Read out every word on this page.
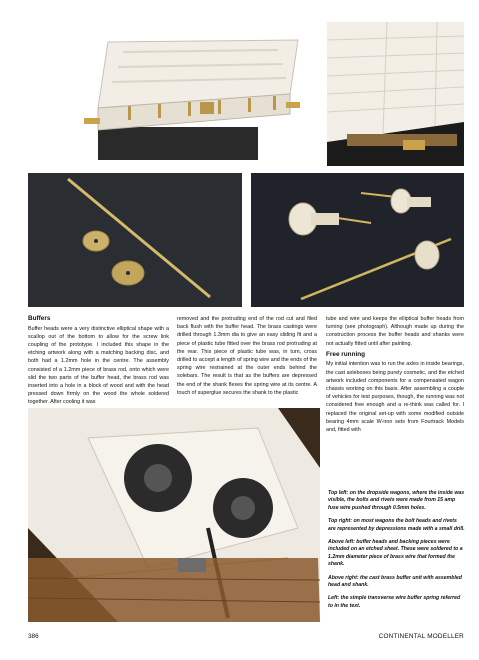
Buffers

Buffer heads were a very distinctive elliptical shape with a scallop out of the bottom to allow for the screw link coupling of the prototype. I included this shape in the etching artwork along with a matching backing disc, and both had a 1.2mm hole in the centre. The assembly consisted of a 1.2mm piece of brass rod, onto which were slid the two parts of the buffer head, the brass rod was inserted into a hole in a block of wood and with the head pressed down firmly on the wood the whole soldered together. After cooling it was

removed and the protruding end of the rod cut and filed back flush with the buffer head. The brass castings were drilled through 1.3mm dia to give an easy sliding fit and a piece of plastic tube fitted over the brass rod protruding at the rear. This piece of plastic tube was, in turn, cross drilled to accept a length of spring wire and the ends of the spring wire restrained at the outer ends behind the solebars. The result is that as the buffers are depressed the end of the shank flexes the spring wire at its centre. A touch of superglue secures the shank to the plastic

tube and wire and keeps the elliptical buffer heads from turning (see photograph). Although made up during the construction process the buffer heads and shanks were not actually fitted until after painting.

Free running

My initial intention was to run the axles in inside bearings, the cast axleboxes being purely cosmetic, and the etched artwork included components for a compensated wagon chassis working on this basis. After assembling a couple of vehicles for test purposes, though, the running was not considered free enough and a re-think was called for. I replaced the original set-up with some modified outside bearing 4mm scale W-iron sets from Fourtrack Models and, fitted with

Top left: on the dropside wagons, where the inside was visible, the bolts and rivets were made from 15 amp fuse wire pushed through 0.5mm holes.

Top right: on most wagons the bolt heads and rivets are represented by depressions made with a small drill.

Above left: buffer heads and backing pieces were included on an etched sheet. These were soldered to a 1.2mm diameter piece of brass wire that formed the shank.

Above right: the cast brass buffer unit with assembled head and shank.

Left: the simple transverse wire buffer spring referred to in the text.

386	CONTINENTAL MODELLER
